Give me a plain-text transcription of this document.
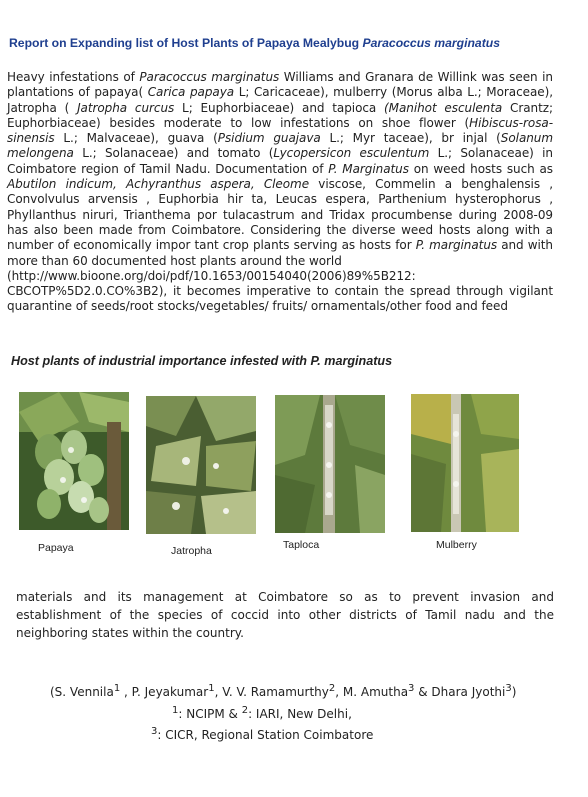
Report on Expanding list of Host Plants of Papaya Mealybug Paracoccus marginatus

Heavy infestations of Paracoccus marginatus Williams and Granara de Willink was seen in plantations of papaya( Carica papaya L; Caricaceae), mulberry (Morus alba L.; Moraceae), Jatropha ( Jatropha curcus L; Euphorbiaceae) and tapioca (Manihot esculenta Crantz; Euphorbiaceae) besides moderate to low infestations on shoe flower (Hibiscus-rosa-sinensis L.; Malvaceae), guava (Psidium guajava L.; Myr taceae), br injal (Solanum melongena L.; Solanaceae) and tomato (Lycopersicon esculentum L.; Solanaceae) in Coimbatore region of Tamil Nadu. Documentation of P. Marginatus on weed hosts such as Abutilon indicum, Achyranthus aspera, Cleome viscose, Commelin a benghalensis , Convolvulus arvensis , Euphorbia hir ta, Leucas espera, Parthenium hysterophorus , Phyllanthus niruri, Trianthema por tulacastrum and Tridax procumbense during 2008-09 has also been made from Coimbatore. Considering the diverse weed hosts along with a number of economically impor tant crop plants serving as hosts for P. marginatus and with more than 60 documented host plants around the world
(http://www.bioone.org/doi/pdf/10.1653/00154040(2006)89%5B212:
CBCOTP%5D2.0.CO%3B2), it becomes imperative to contain the spread through vigilant quarantine of seeds/root stocks/vegetables/ fruits/ ornamentals/other food and feed

Host plants of industrial importance infested with P. marginatus
Papaya	Jatropha	Taploca	Mulberry

materials and its management at Coimbatore so as to prevent invasion and establishment of the species of coccid into other districts of Tamil nadu and the neighboring states within the country.

(S. Vennila$^1$ , P. Jeyakumar$^1$, V. V. Ramamurthy$^2$, M. Amutha$^3$ & Dhara Jyothi$^3$)
$^1$: NCIPM & $^2$: IARI, New Delhi,
$^3$: CICR, Regional Station Coimbatore
